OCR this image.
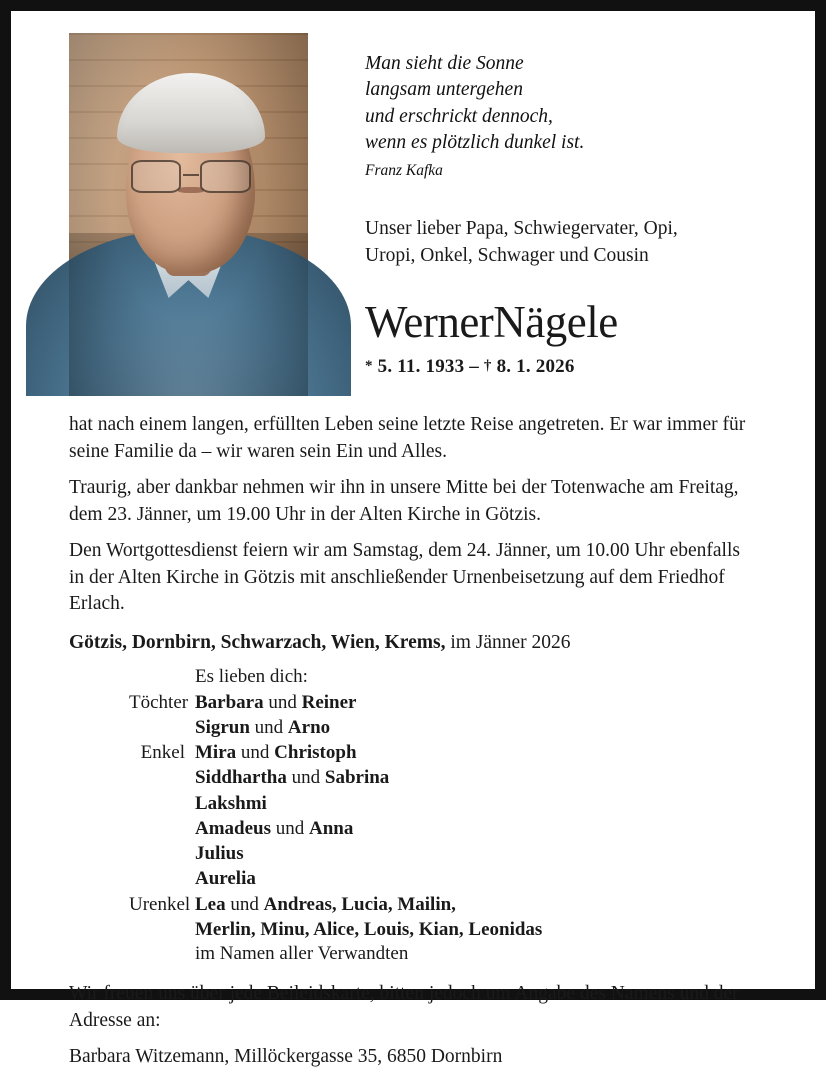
Man sieht die Sonne
langsam untergehen
und erschrickt dennoch,
wenn es plötzlich dunkel ist.
Franz Kafka
Unser lieber Papa, Schwiegervater, Opi,
Uropi, Onkel, Schwager und Cousin
WernerNägele
* 5. 11. 1933 – † 8. 1. 2026

hat nach einem langen, erfüllten Leben seine letzte Reise angetreten. Er war immer für seine Familie da – wir waren sein Ein und Alles.

Traurig, aber dankbar nehmen wir ihn in unsere Mitte bei der Totenwache am Freitag, dem 23. Jänner, um 19.00 Uhr in der Alten Kirche in Götzis.

Den Wortgottesdienst feiern wir am Samstag, dem 24. Jänner, um 10.00 Uhr ebenfalls in der Alten Kirche in Götzis mit anschließender Urnenbeisetzung auf dem Friedhof Erlach.

Götzis, Dornbirn, Schwarzach, Wien, Krems, im Jänner 2026
Es lieben dich:
Töchter Barbara und Reiner
Sigrun und Arno
Enkel Mira und Christoph
Siddhartha und Sabrina
Lakshmi
Amadeus und Anna
Julius
Aurelia
Urenkel Lea und Andreas, Lucia, Mailin,
Merlin, Minu, Alice, Louis, Kian, Leonidas
im Namen aller Verwandten

Wir freuen uns über jede Beileidskarte, bitten jedoch um Angabe des Namens und der Adresse an:

Barbara Witzemann, Millöckergasse 35, 6850 Dornbirn
